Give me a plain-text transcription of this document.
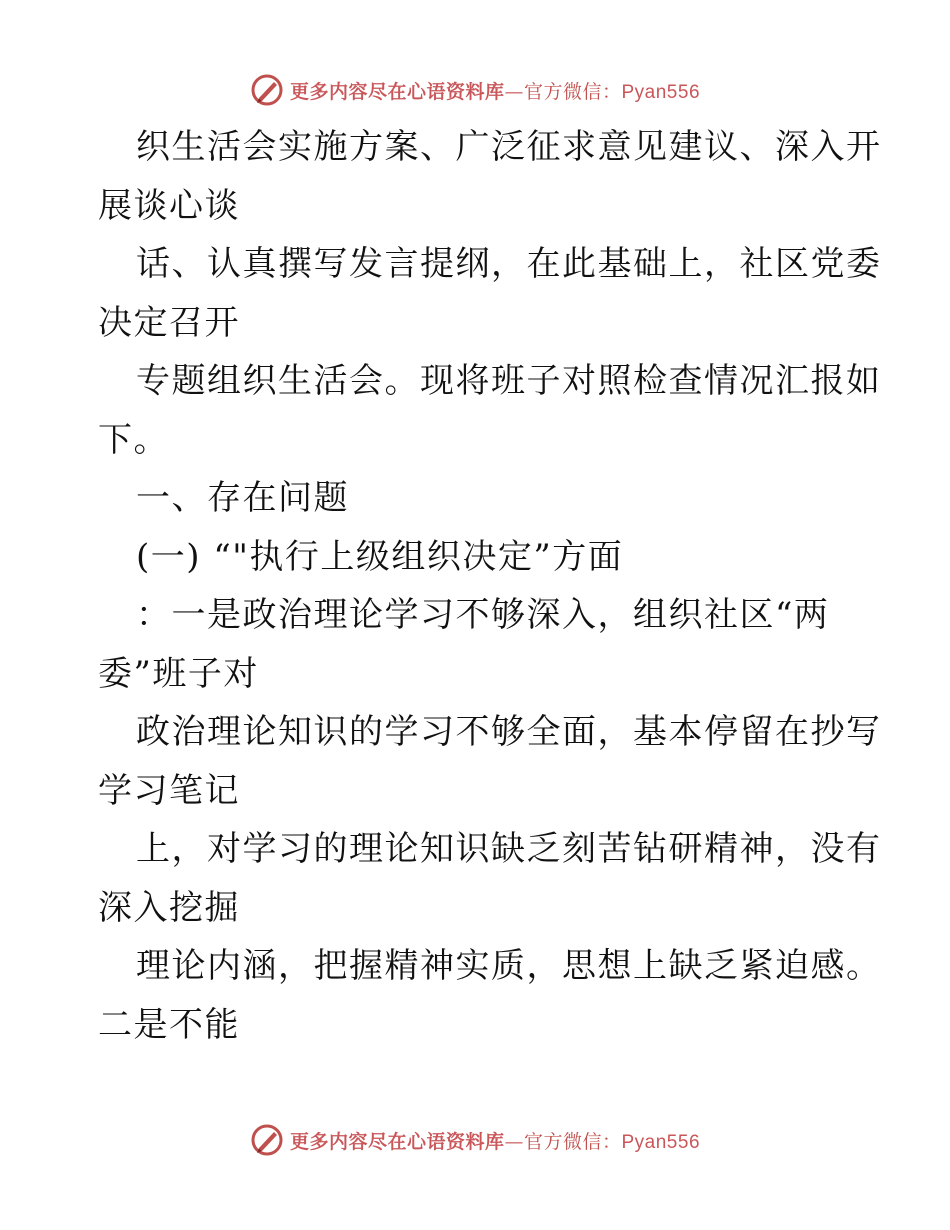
更多内容尽在心语资料库—官方微信：Pyan556
织生活会实施方案、广泛征求意见建议、深入开
展谈心谈
话、认真撰写发言提纲，在此基础上，社区党委
决定召开
专题组织生活会。现将班子对照检查情况汇报如
下。
一、存在问题
(一) “"执行上级组织决定”方面
：一是政治理论学习不够深入，组织社区“两
委”班子对
政治理论知识的学习不够全面，基本停留在抄写
学习笔记
上，对学习的理论知识缺乏刻苦钻研精神，没有
深入挖掘
理论内涵，把握精神实质，思想上缺乏紧迫感。
二是不能
更多内容尽在心语资料库—官方微信：Pyan556
